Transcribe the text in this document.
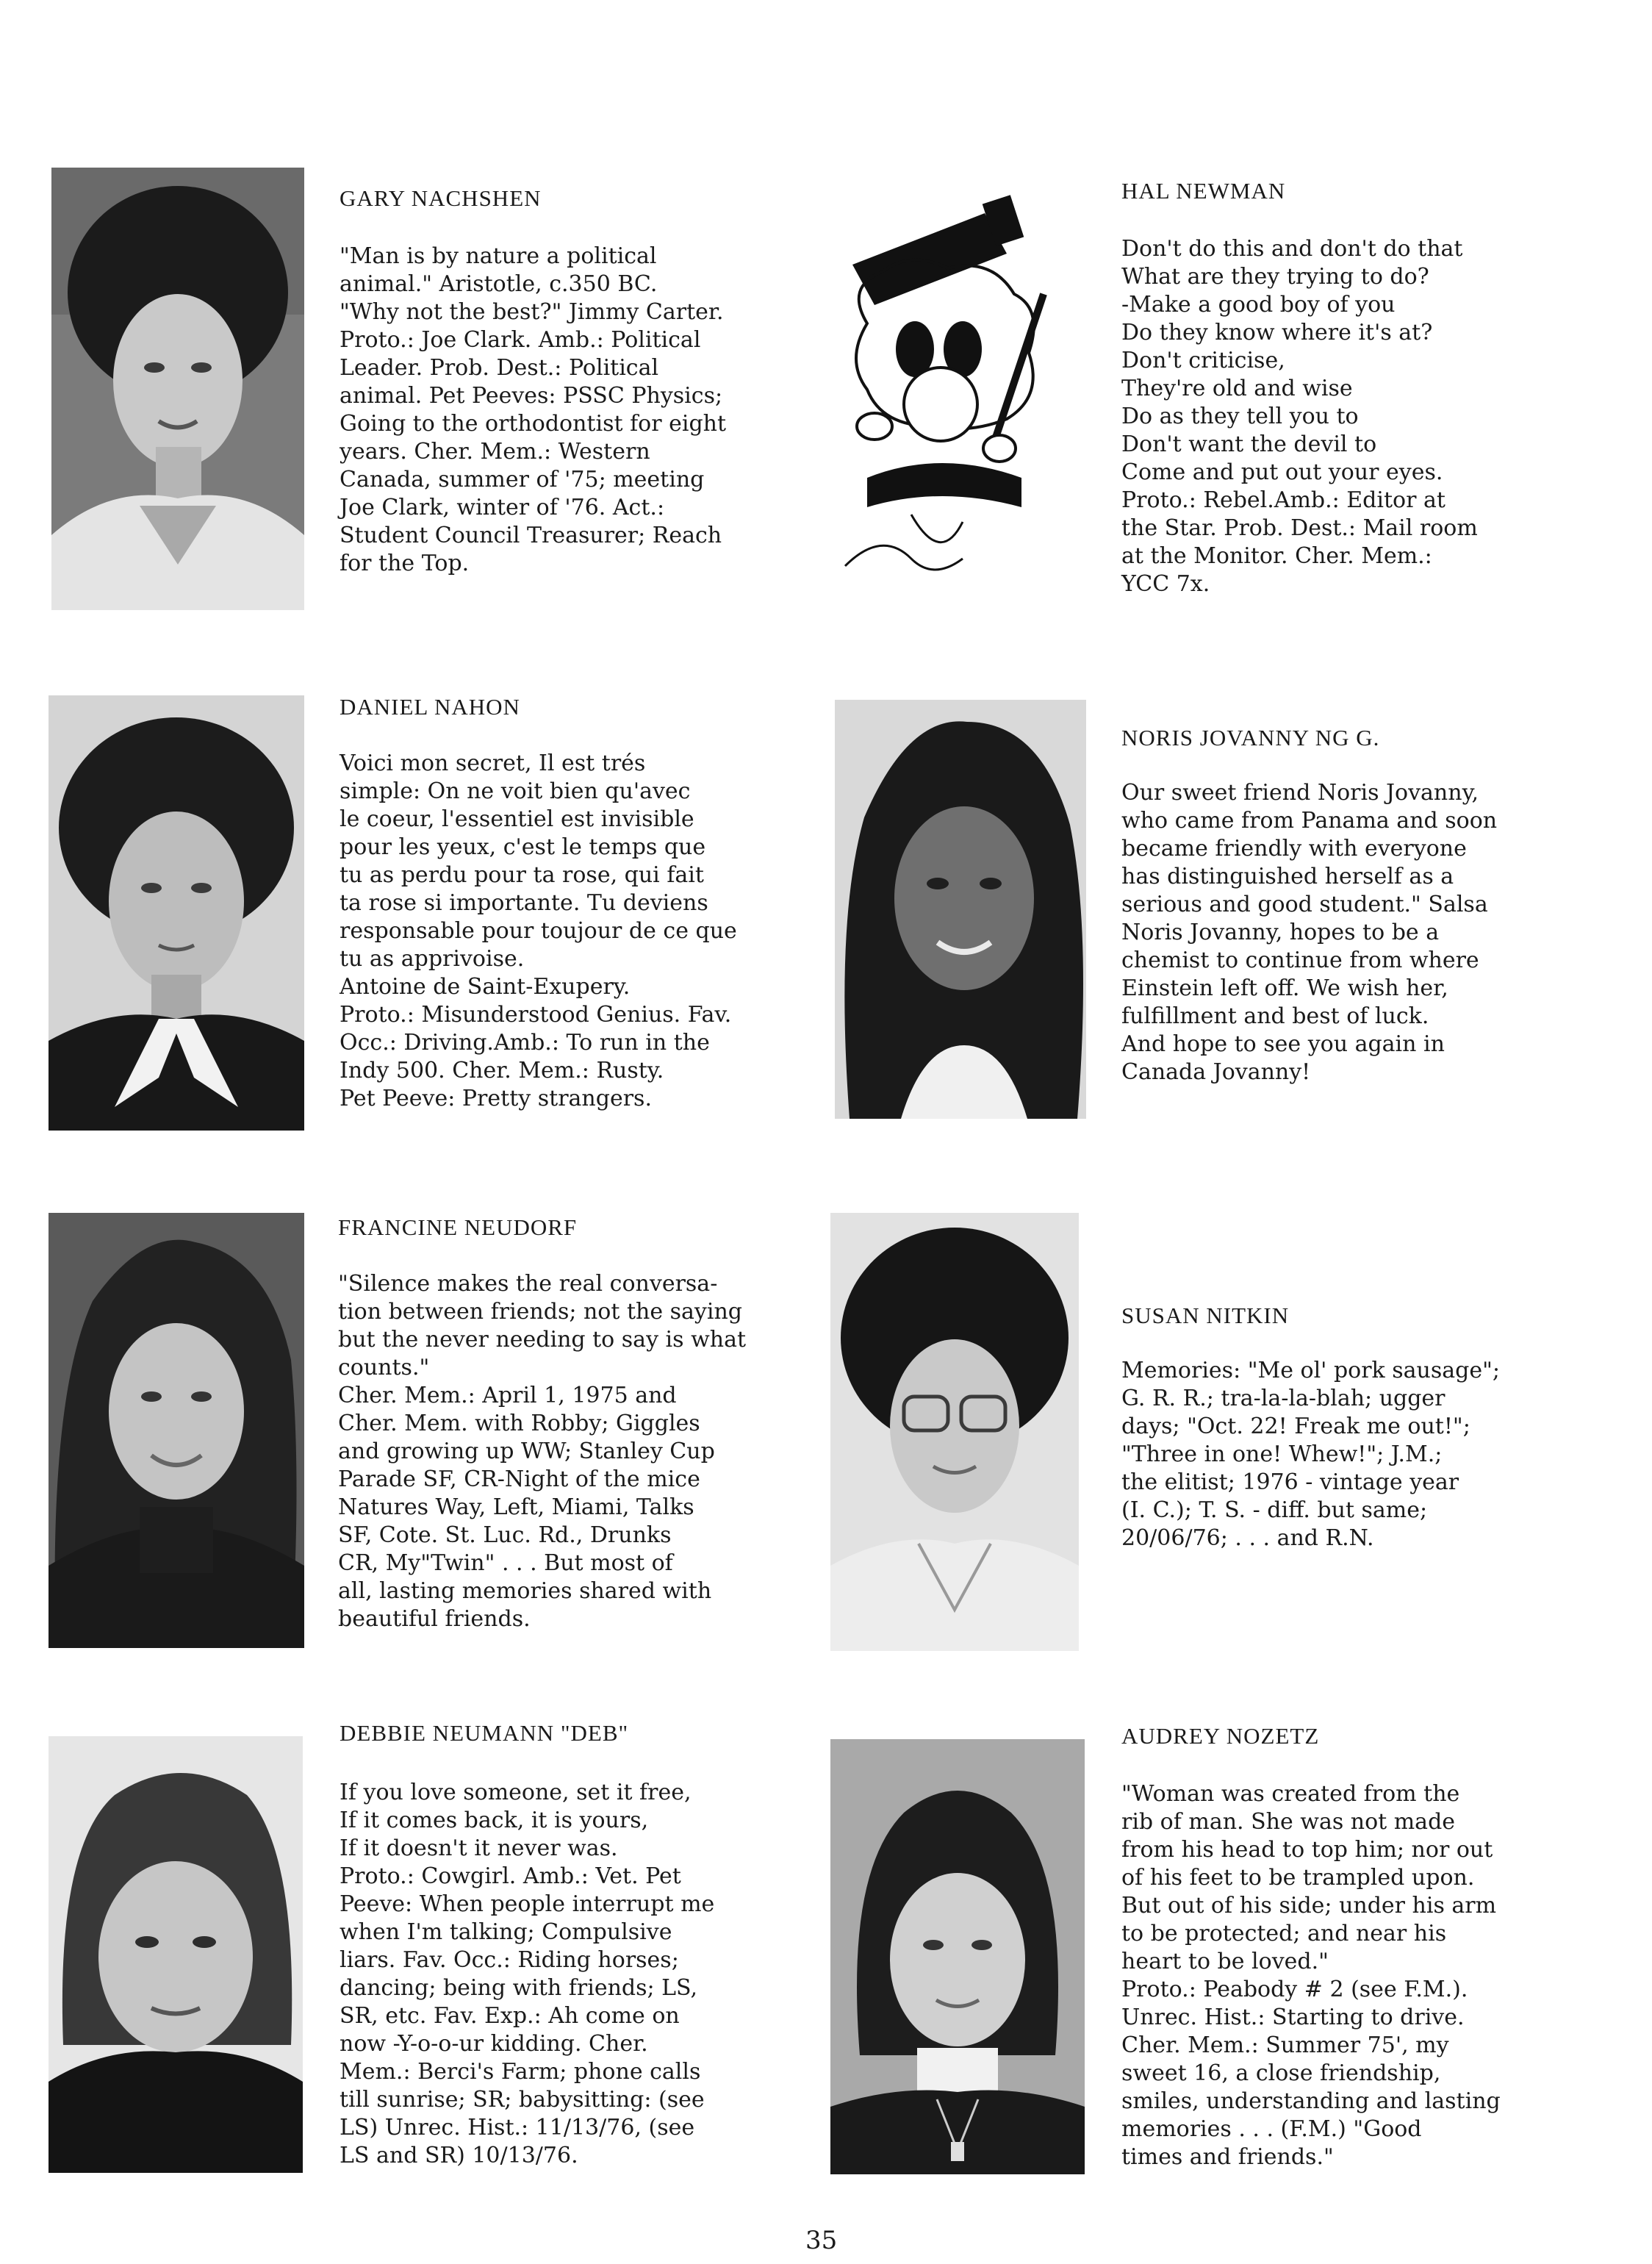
GARY NACHSHEN
"Man is by nature a political
animal." Aristotle, c.350 BC.
"Why not the best?" Jimmy Carter.
Proto.: Joe Clark. Amb.: Political
Leader. Prob. Dest.: Political
animal. Pet Peeves: PSSC Physics;
Going to the orthodontist for eight
years. Cher. Mem.: Western
Canada, summer of '75; meeting
Joe Clark, winter of '76. Act.:
Student Council Treasurer; Reach
for the Top.
HAL NEWMAN
Don't do this and don't do that
What are they trying to do?
-Make a good boy of you
Do they know where it's at?
Don't criticise,
They're old and wise
Do as they tell you to
Don't want the devil to
Come and put out your eyes.
Proto.: Rebel.Amb.: Editor at
the Star. Prob. Dest.: Mail room
at the Monitor. Cher. Mem.:
YCC 7x.
DANIEL NAHON
Voici mon secret, Il est trés
simple: On ne voit bien qu'avec
le coeur, l'essentiel est invisible
pour les yeux, c'est le temps que
tu as perdu pour ta rose, qui fait
ta rose si importante. Tu deviens
responsable pour toujour de ce que
tu as apprivoise.
Antoine de Saint-Exupery.
Proto.: Misunderstood Genius. Fav.
Occ.: Driving.Amb.: To run in the
Indy 500. Cher. Mem.: Rusty.
Pet Peeve: Pretty strangers.
NORIS JOVANNY NG G.
Our sweet friend Noris Jovanny,
who came from Panama and soon
became friendly with everyone
has distinguished herself as a
serious and good student." Salsa
Noris Jovanny, hopes to be a
chemist to continue from where
Einstein left off. We wish her,
fulfillment and best of luck.
And hope to see you again in
Canada Jovanny!
FRANCINE NEUDORF
"Silence makes the real conversa-
tion between friends; not the saying
but the never needing to say is what
counts."
Cher. Mem.: April 1, 1975 and
Cher. Mem. with Robby; Giggles
and growing up WW; Stanley Cup
Parade SF, CR-Night of the mice
Natures Way, Left, Miami, Talks
SF, Cote. St. Luc. Rd., Drunks
CR, My"Twin" . . . But most of
all, lasting memories shared with
beautiful friends.
SUSAN NITKIN
Memories: "Me ol' pork sausage";
G. R. R.; tra-la-la-blah; ugger
days; "Oct. 22! Freak me out!";
"Three in one! Whew!"; J.M.;
the elitist; 1976 - vintage year
(I. C.); T. S. - diff. but same;
20/06/76; . . . and R.N.
DEBBIE NEUMANN "DEB"
If you love someone, set it free,
If it comes back, it is yours,
If it doesn't it never was.
Proto.: Cowgirl. Amb.: Vet. Pet
Peeve: When people interrupt me
when I'm talking; Compulsive
liars. Fav. Occ.: Riding horses;
dancing; being with friends; LS,
SR, etc. Fav. Exp.: Ah come on
now -Y-o-o-ur kidding. Cher.
Mem.: Berci's Farm; phone calls
till sunrise; SR; babysitting: (see
LS) Unrec. Hist.: 11/13/76, (see
LS and SR) 10/13/76.
AUDREY NOZETZ
"Woman was created from the
rib of man. She was not made
from his head to top him; nor out
of his feet to be trampled upon.
But out of his side; under his arm
to be protected; and near his
heart to be loved."
Proto.: Peabody # 2 (see F.M.).
Unrec. Hist.: Starting to drive.
Cher. Mem.: Summer 75', my
sweet 16, a close friendship,
smiles, understanding and lasting
memories . . . (F.M.) "Good
times and friends."
35
